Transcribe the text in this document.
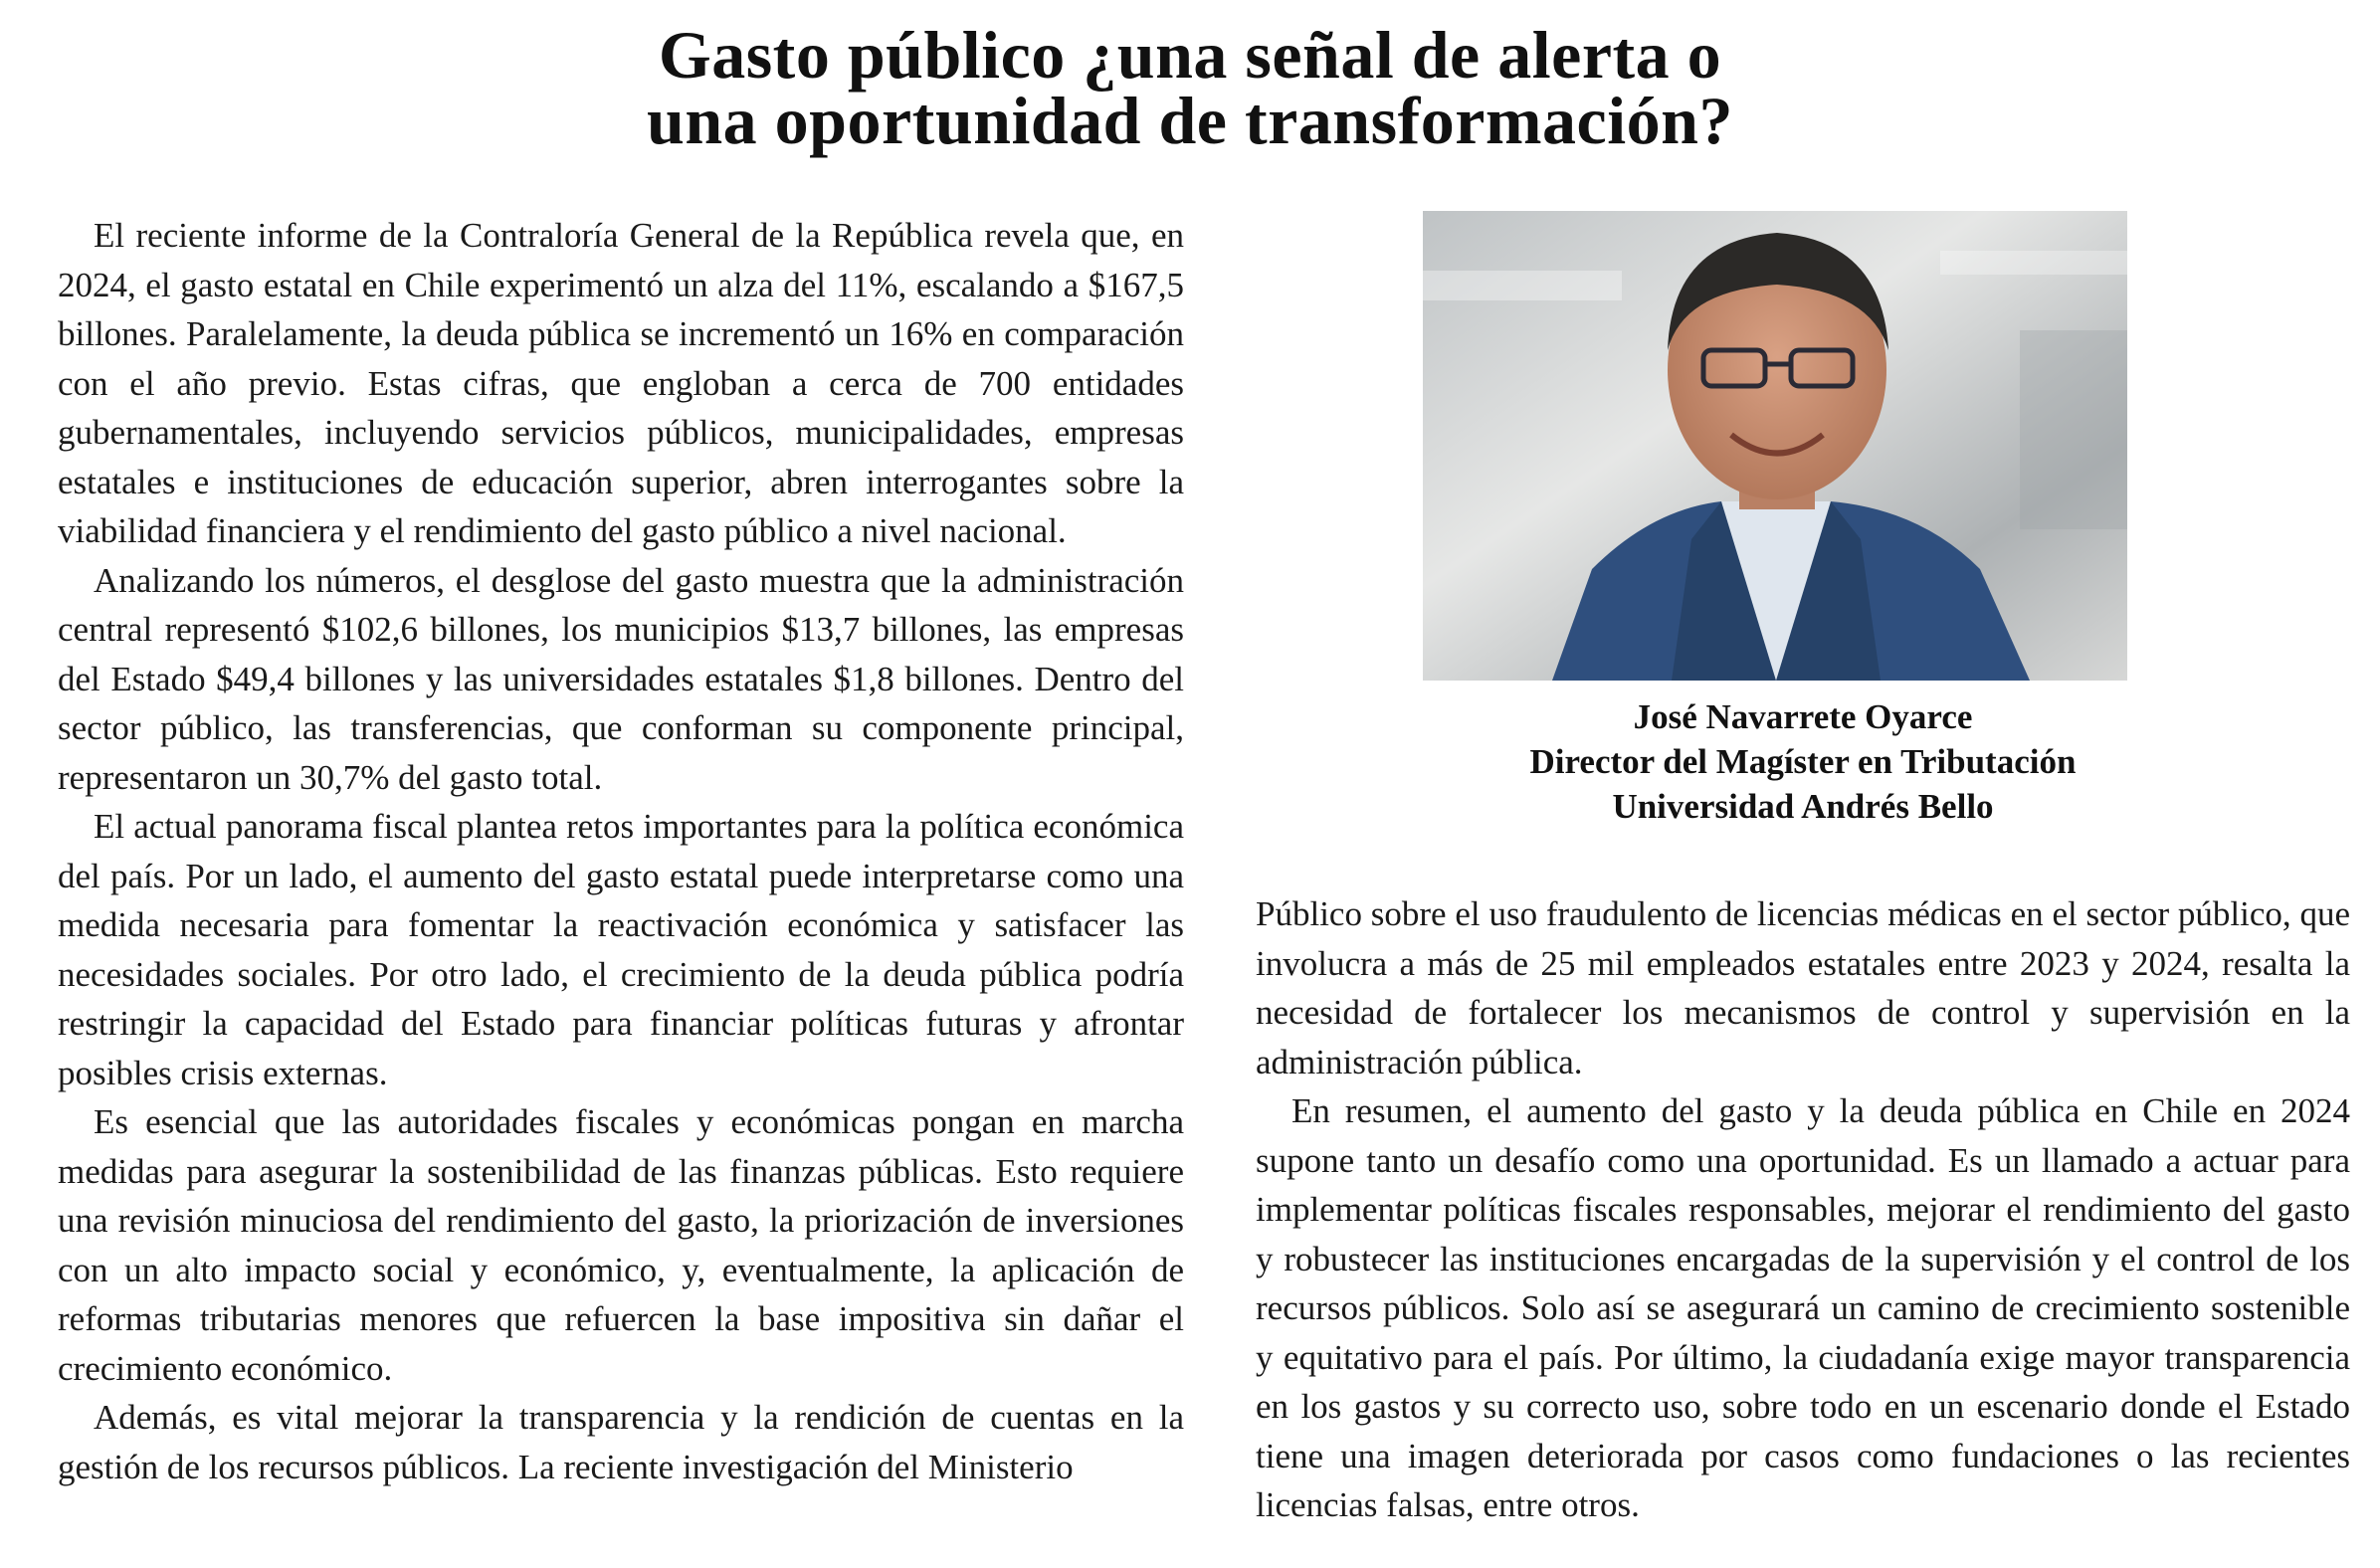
Gasto público ¿una señal de alerta o
una oportunidad de transformación?

El reciente informe de la Contraloría General de la República revela que, en 2024, el gasto estatal en Chile experimentó un alza del 11%, escalando a $167,5 billones. Paralelamente, la deuda pública se incrementó un 16% en comparación con el año previo. Estas cifras, que engloban a cerca de 700 entidades gubernamentales, incluyendo servicios públicos, municipalidades, empresas estatales e instituciones de educación superior, abren interrogantes sobre la viabilidad financiera y el rendimiento del gasto público a nivel nacional.

Analizando los números, el desglose del gasto muestra que la administración central representó $102,6 billones, los municipios $13,7 billones, las empresas del Estado $49,4 billones y las universidades estatales $1,8 billones. Dentro del sector público, las transferencias, que conforman su componente principal, representaron un 30,7% del gasto total.

El actual panorama fiscal plantea retos importantes para la política económica del país. Por un lado, el aumento del gasto estatal puede interpretarse como una medida necesaria para fomentar la reactivación económica y satisfacer las necesidades sociales. Por otro lado, el crecimiento de la deuda pública podría restringir la capacidad del Estado para financiar políticas futuras y afrontar posibles crisis externas.

Es esencial que las autoridades fiscales y económicas pongan en marcha medidas para asegurar la sostenibilidad de las finanzas públicas. Esto requiere una revisión minuciosa del rendimiento del gasto, la priorización de inversiones con un alto impacto social y económico, y, eventualmente, la aplicación de reformas tributarias menores que refuercen la base impositiva sin dañar el crecimiento económico.

Además, es vital mejorar la transparencia y la rendición de cuentas en la gestión de los recursos públicos. La reciente investigación del Ministerio

José Navarrete Oyarce
Director del Magíster en Tributación
Universidad Andrés Bello

Público sobre el uso fraudulento de licencias médicas en el sector público, que involucra a más de 25 mil empleados estatales entre 2023 y 2024, resalta la necesidad de fortalecer los mecanismos de control y supervisión en la administración pública.

En resumen, el aumento del gasto y la deuda pública en Chile en 2024 supone tanto un desafío como una oportunidad. Es un llamado a actuar para implementar políticas fiscales responsables, mejorar el rendimiento del gasto y robustecer las instituciones encargadas de la supervisión y el control de los recursos públicos. Solo así se asegurará un camino de crecimiento sostenible y equitativo para el país. Por último, la ciudadanía exige mayor transparencia en los gastos y su correcto uso, sobre todo en un escenario donde el Estado tiene una imagen deteriorada por casos como fundaciones o las recientes licencias falsas, entre otros.
